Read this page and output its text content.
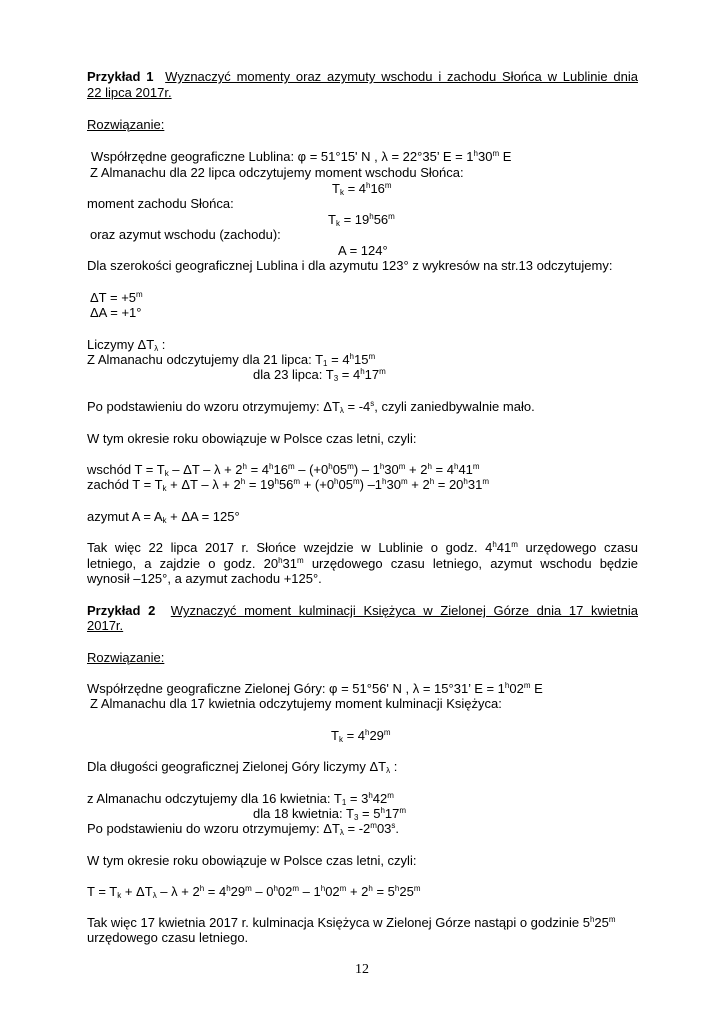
Przykład 1 Wyznaczyć momenty oraz azymuty wschodu i zachodu Słońca w Lublinie dnia
22 lipca 2017r.
Rozwiązanie:
Współrzędne geograficzne Lublina: φ = 51°15' N , λ = 22°35’ $E = 1^h30^m$ E
Z Almanachu dla 22 lipca odczytujemy moment wschodu Słońca:
$T_k = 4^h16^m$
moment zachodu Słońca:
$T_k = 19^h56^m$
oraz azymut wschodu (zachodu):
A = 124°
Dla szerokości geograficznej Lublina i dla azymutu 123° z wykresów na str.13 odczytujemy:
$\Delta T = +5^m$
ΔA = +1°
Liczymy $\Delta T_\lambda$ :
Z Almanachu odczytujemy dla 21 lipca: $T_1 = 4^h15^m$
dla 23 lipca: $T_3 = 4^h17^m$
Po podstawieniu do wzoru otrzymujemy: $\Delta T_\lambda = -4^s$, czyli zaniedbywalnie mało.
W tym okresie roku obowiązuje w Polsce czas letni, czyli:
wschód $T = T_k - \Delta T - \lambda + 2^h = 4^h16^m - (+0^h05^m) - 1^h30^m + 2^h = 4^h41^m$
zachód $T = T_k + \Delta T - \lambda + 2^h = 19^h56^m + (+0^h05^m) -1^h30^m + 2^h = 20^h31^m$
azymut $A = A_k + \Delta A = 125^\circ$
Tak więc 22 lipca 2017 r. Słońce wzejdzie w Lublinie o godz. 4$^h$41$^m$ urzędowego czasu
letniego, a zajdzie o godz. 20$^h$31$^m$ urzędowego czasu letniego, azymut wschodu będzie
wynosił –125°, a azymut zachodu +125°.
Przykład 2 Wyznaczyć moment kulminacji Księżyca w Zielonej Górze dnia 17 kwietnia
2017r.
Rozwiązanie:
Współrzędne geograficzne Zielonej Góry: φ = 51°56' N , λ = 15°31’ $E = 1^h02^m$ E
Z Almanachu dla 17 kwietnia odczytujemy moment kulminacji Księżyca:
$T_k = 4^h29^m$
Dla długości geograficznej Zielonej Góry liczymy $\Delta T_\lambda$ :
z Almanachu odczytujemy dla 16 kwietnia: $T_1 = 3^h42^m$
dla 18 kwietnia: $T_3 = 5^h17^m$
Po podstawieniu do wzoru otrzymujemy: $\Delta T_\lambda = -2^m03^s$.
W tym okresie roku obowiązuje w Polsce czas letni, czyli:
$T = T_k + \Delta T_\lambda - \lambda + 2^h = 4^h29^m - 0^h02^m - 1^h02^m + 2^h = 5^h25^m$
Tak więc 17 kwietnia 2017 r. kulminacja Księżyca w Zielonej Górze nastąpi o godzinie 5$^h$25$^m$
urzędowego czasu letniego.
12
